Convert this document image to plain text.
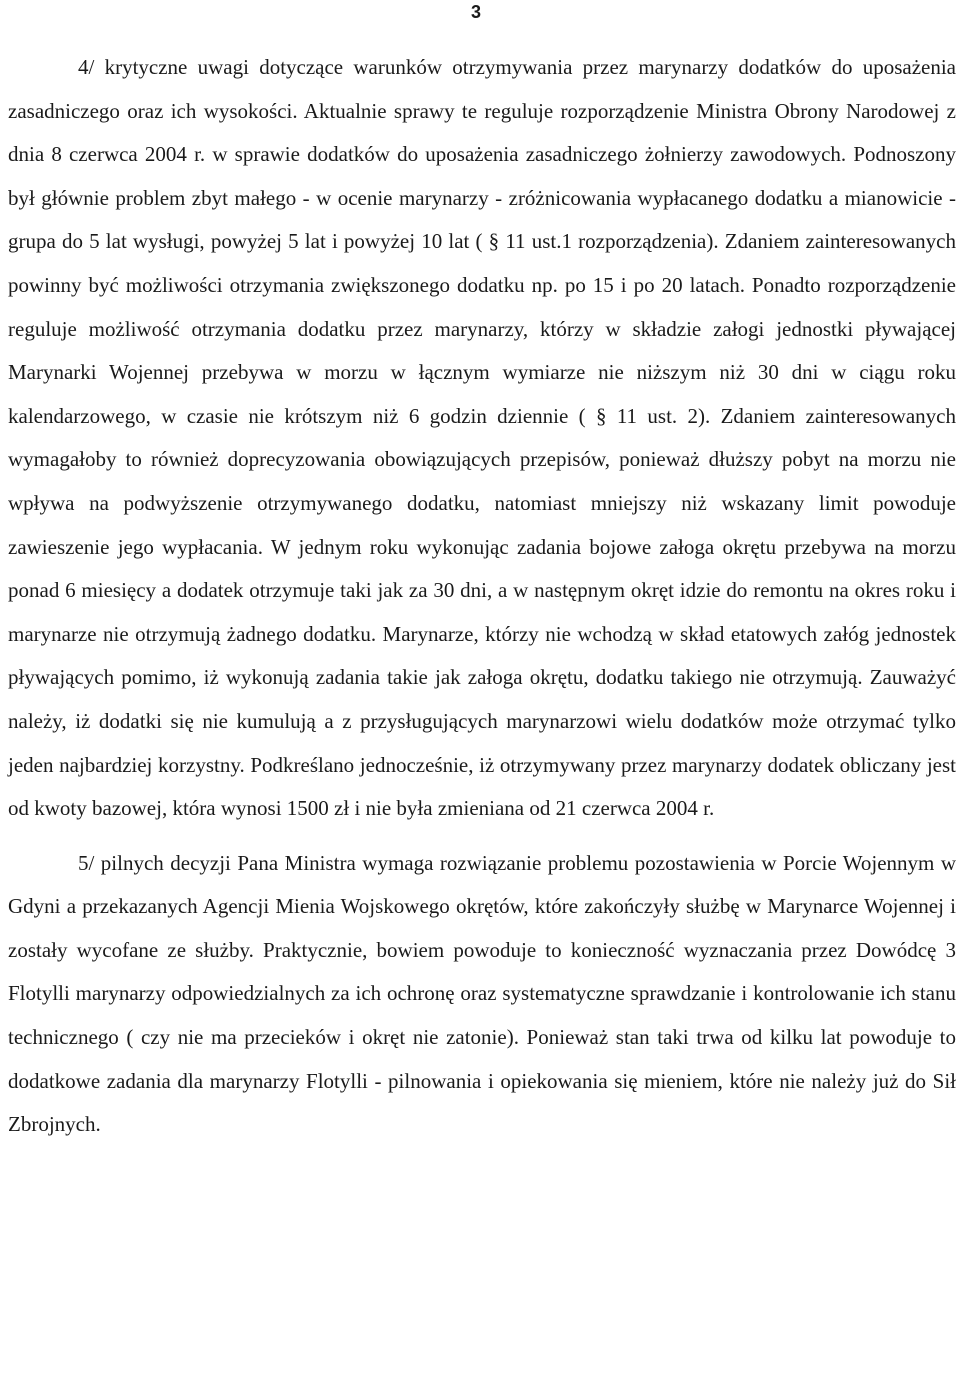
3

4/ krytyczne uwagi dotyczące warunków otrzymywania przez marynarzy dodatków do uposażenia zasadniczego oraz ich wysokości. Aktualnie sprawy te reguluje rozporządzenie Ministra Obrony Narodowej z dnia 8 czerwca 2004 r. w sprawie dodatków do uposażenia zasadniczego żołnierzy zawodowych. Podnoszony był głównie problem zbyt małego - w ocenie marynarzy - zróżnicowania wypłacanego dodatku a mianowicie - grupa do 5 lat wysługi, powyżej 5 lat i powyżej 10 lat ( § 11 ust.1 rozporządzenia). Zdaniem zainteresowanych powinny być możliwości otrzymania zwiększonego dodatku np. po 15 i po 20 latach. Ponadto rozporządzenie reguluje możliwość otrzymania dodatku przez marynarzy, którzy w składzie załogi jednostki pływającej Marynarki Wojennej przebywa w morzu w łącznym wymiarze nie niższym niż 30 dni w ciągu roku kalendarzowego, w czasie nie krótszym niż 6 godzin dziennie ( § 11 ust. 2). Zdaniem zainteresowanych wymagałoby to również doprecyzowania obowiązujących przepisów, ponieważ dłuższy pobyt na morzu nie wpływa na podwyższenie otrzymywanego dodatku, natomiast mniejszy niż wskazany limit powoduje zawieszenie jego wypłacania. W jednym roku wykonując zadania bojowe załoga okrętu przebywa na morzu ponad 6 miesięcy a dodatek otrzymuje taki jak za 30 dni, a w następnym okręt idzie do remontu na okres roku i marynarze nie otrzymują żadnego dodatku. Marynarze, którzy nie wchodzą w skład etatowych załóg jednostek pływających pomimo, iż wykonują zadania takie jak załoga okrętu, dodatku takiego nie otrzymują. Zauważyć należy, iż dodatki się nie kumulują a z przysługujących marynarzowi wielu dodatków może otrzymać tylko jeden najbardziej korzystny. Podkreślano jednocześnie, iż otrzymywany przez marynarzy dodatek obliczany jest od kwoty bazowej, która wynosi 1500 zł i nie była zmieniana od 21 czerwca 2004 r.

5/ pilnych decyzji Pana Ministra wymaga rozwiązanie problemu pozostawienia w Porcie Wojennym w Gdyni a przekazanych Agencji Mienia Wojskowego okrętów, które zakończyły służbę w Marynarce Wojennej i zostały wycofane ze służby. Praktycznie, bowiem powoduje to konieczność wyznaczania przez Dowódcę 3 Flotylli marynarzy odpowiedzialnych za ich ochronę oraz systematyczne sprawdzanie i kontrolowanie ich stanu technicznego ( czy nie ma przecieków i okręt nie zatonie). Ponieważ stan taki trwa od kilku lat powoduje to dodatkowe zadania dla marynarzy Flotylli - pilnowania i opiekowania się mieniem, które nie należy już do Sił Zbrojnych.
